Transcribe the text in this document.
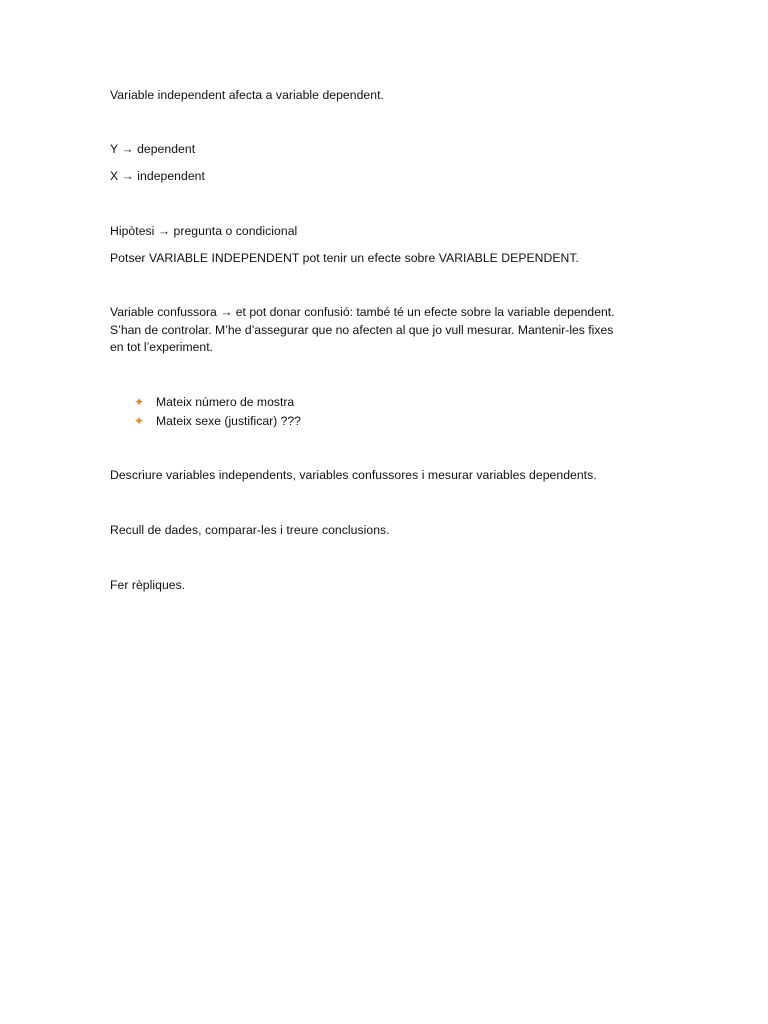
Variable independent afecta a variable dependent.
Y → dependent
X → independent
Hipòtesi → pregunta o condicional
Potser VARIABLE INDEPENDENT pot tenir un efecte sobre VARIABLE DEPENDENT.
Variable confussora → et pot donar confusió: també té un efecte sobre la variable dependent.
S’han de controlar. M’he d’assegurar que no afecten al que jo vull mesurar. Mantenir-les fixes
en tot l’experiment.
✦ Mateix número de mostra
✦ Mateix sexe (justificar) ???
Descriure variables independents, variables confussores i mesurar variables dependents.
Recull de dades, comparar-les i treure conclusions.
Fer rèpliques.
